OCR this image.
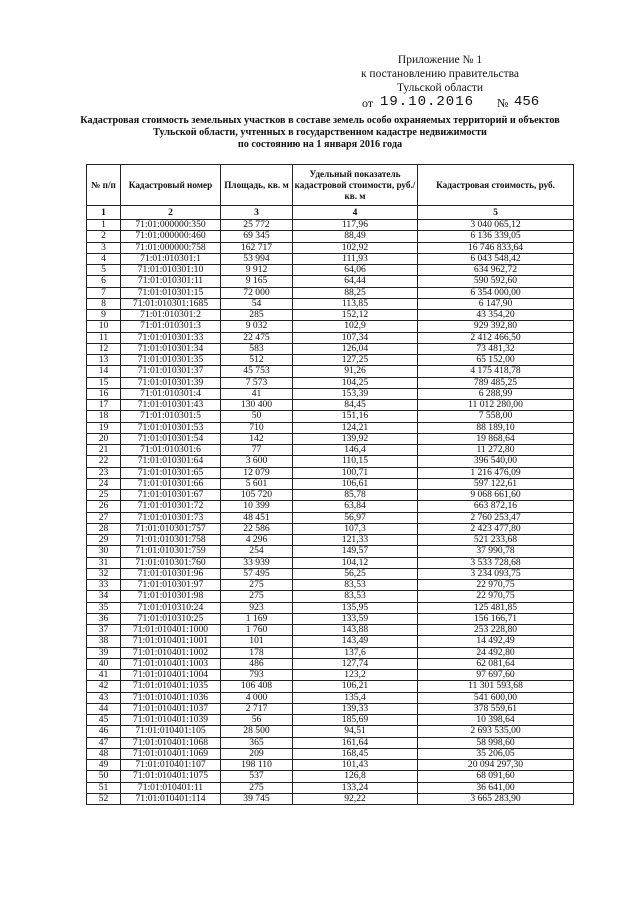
Приложение № 1
к постановлению правительства
Тульской области
от 19.10.2016 № 456
Кадастровая стоимость земельных участков в составе земель особо охраняемых территорий и объектов
Тульской области, учтенных в государственном кадастре недвижимости
по состоянию на 1 января 2016 года
№ п/п	Кадастровый номер	Площадь, кв. м	Удельный показатель кадастровой стоимости, руб./кв. м	Кадастровая стоимость, руб.
1	2	3	4	5
1	71:01:000000:350	25 772	117,96	3 040 065,12
2	71:01:000000:460	69 345	88,49	6 136 339,05
3	71:01:000000:758	162 717	102,92	16 746 833,64
4	71:01:010301:1	53 994	111,93	6 043 548,42
5	71:01:010301:10	9 912	64,06	634 962,72
6	71:01:010301:11	9 165	64,44	590 592,60
7	71:01:010301:15	72 000	88,25	6 354 000,00
8	71:01:010301:1685	54	113,85	6 147,90
9	71:01:010301:2	285	152,12	43 354,20
10	71:01:010301:3	9 032	102,9	929 392,80
11	71:01:010301:33	22 475	107,34	2 412 466,50
12	71:01:010301:34	583	126,04	73 481,32
13	71:01:010301:35	512	127,25	65 152,00
14	71:01:010301:37	45 753	91,26	4 175 418,78
15	71:01:010301:39	7 573	104,25	789 485,25
16	71:01:010301:4	41	153,39	6 288,99
17	71:01:010301:43	130 400	84,45	11 012 280,00
18	71:01:010301:5	50	151,16	7 558,00
19	71:01:010301:53	710	124,21	88 189,10
20	71:01:010301:54	142	139,92	19 868,64
21	71:01:010301:6	77	146,4	11 272,80
22	71:01:010301:64	3 600	110,15	396 540,00
23	71:01:010301:65	12 079	100,71	1 216 476,09
24	71:01:010301:66	5 601	106,61	597 122,61
25	71:01:010301:67	105 720	85,78	9 068 661,60
26	71:01:010301:72	10 399	63,84	663 872,16
27	71:01:010301:73	48 451	56,97	2 760 253,47
28	71:01:010301:757	22 586	107,3	2 423 477,80
29	71:01:010301:758	4 296	121,33	521 233,68
30	71:01:010301:759	254	149,57	37 990,78
31	71:01:010301:760	33 939	104,12	3 533 728,68
32	71:01:010301:96	57 495	56,25	3 234 093,75
33	71:01:010301:97	275	83,53	22 970,75
34	71:01:010301:98	275	83,53	22 970,75
35	71:01:010310:24	923	135,95	125 481,85
36	71:01:010310:25	1 169	133,59	156 166,71
37	71:01:010401:1000	1 760	143,88	253 228,80
38	71:01:010401:1001	101	143,49	14 492,49
39	71:01:010401:1002	178	137,6	24 492,80
40	71:01:010401:1003	486	127,74	62 081,64
41	71:01:010401:1004	793	123,2	97 697,60
42	71:01:010401:1035	106 408	106,21	11 301 593,68
43	71:01:010401:1036	4 000	135,4	541 600,00
44	71:01:010401:1037	2 717	139,33	378 559,61
45	71:01:010401:1039	56	185,69	10 398,64
46	71:01:010401:105	28 500	94,51	2 693 535,00
47	71:01:010401:1068	365	161,64	58 998,60
48	71:01:010401:1069	209	168,45	35 206,05
49	71:01:010401:107	198 110	101,43	20 094 297,30
50	71:01:010401:1075	537	126,8	68 091,60
51	71:01:010401:11	275	133,24	36 641,00
52	71:01:010401:114	39 745	92,22	3 665 283,90
